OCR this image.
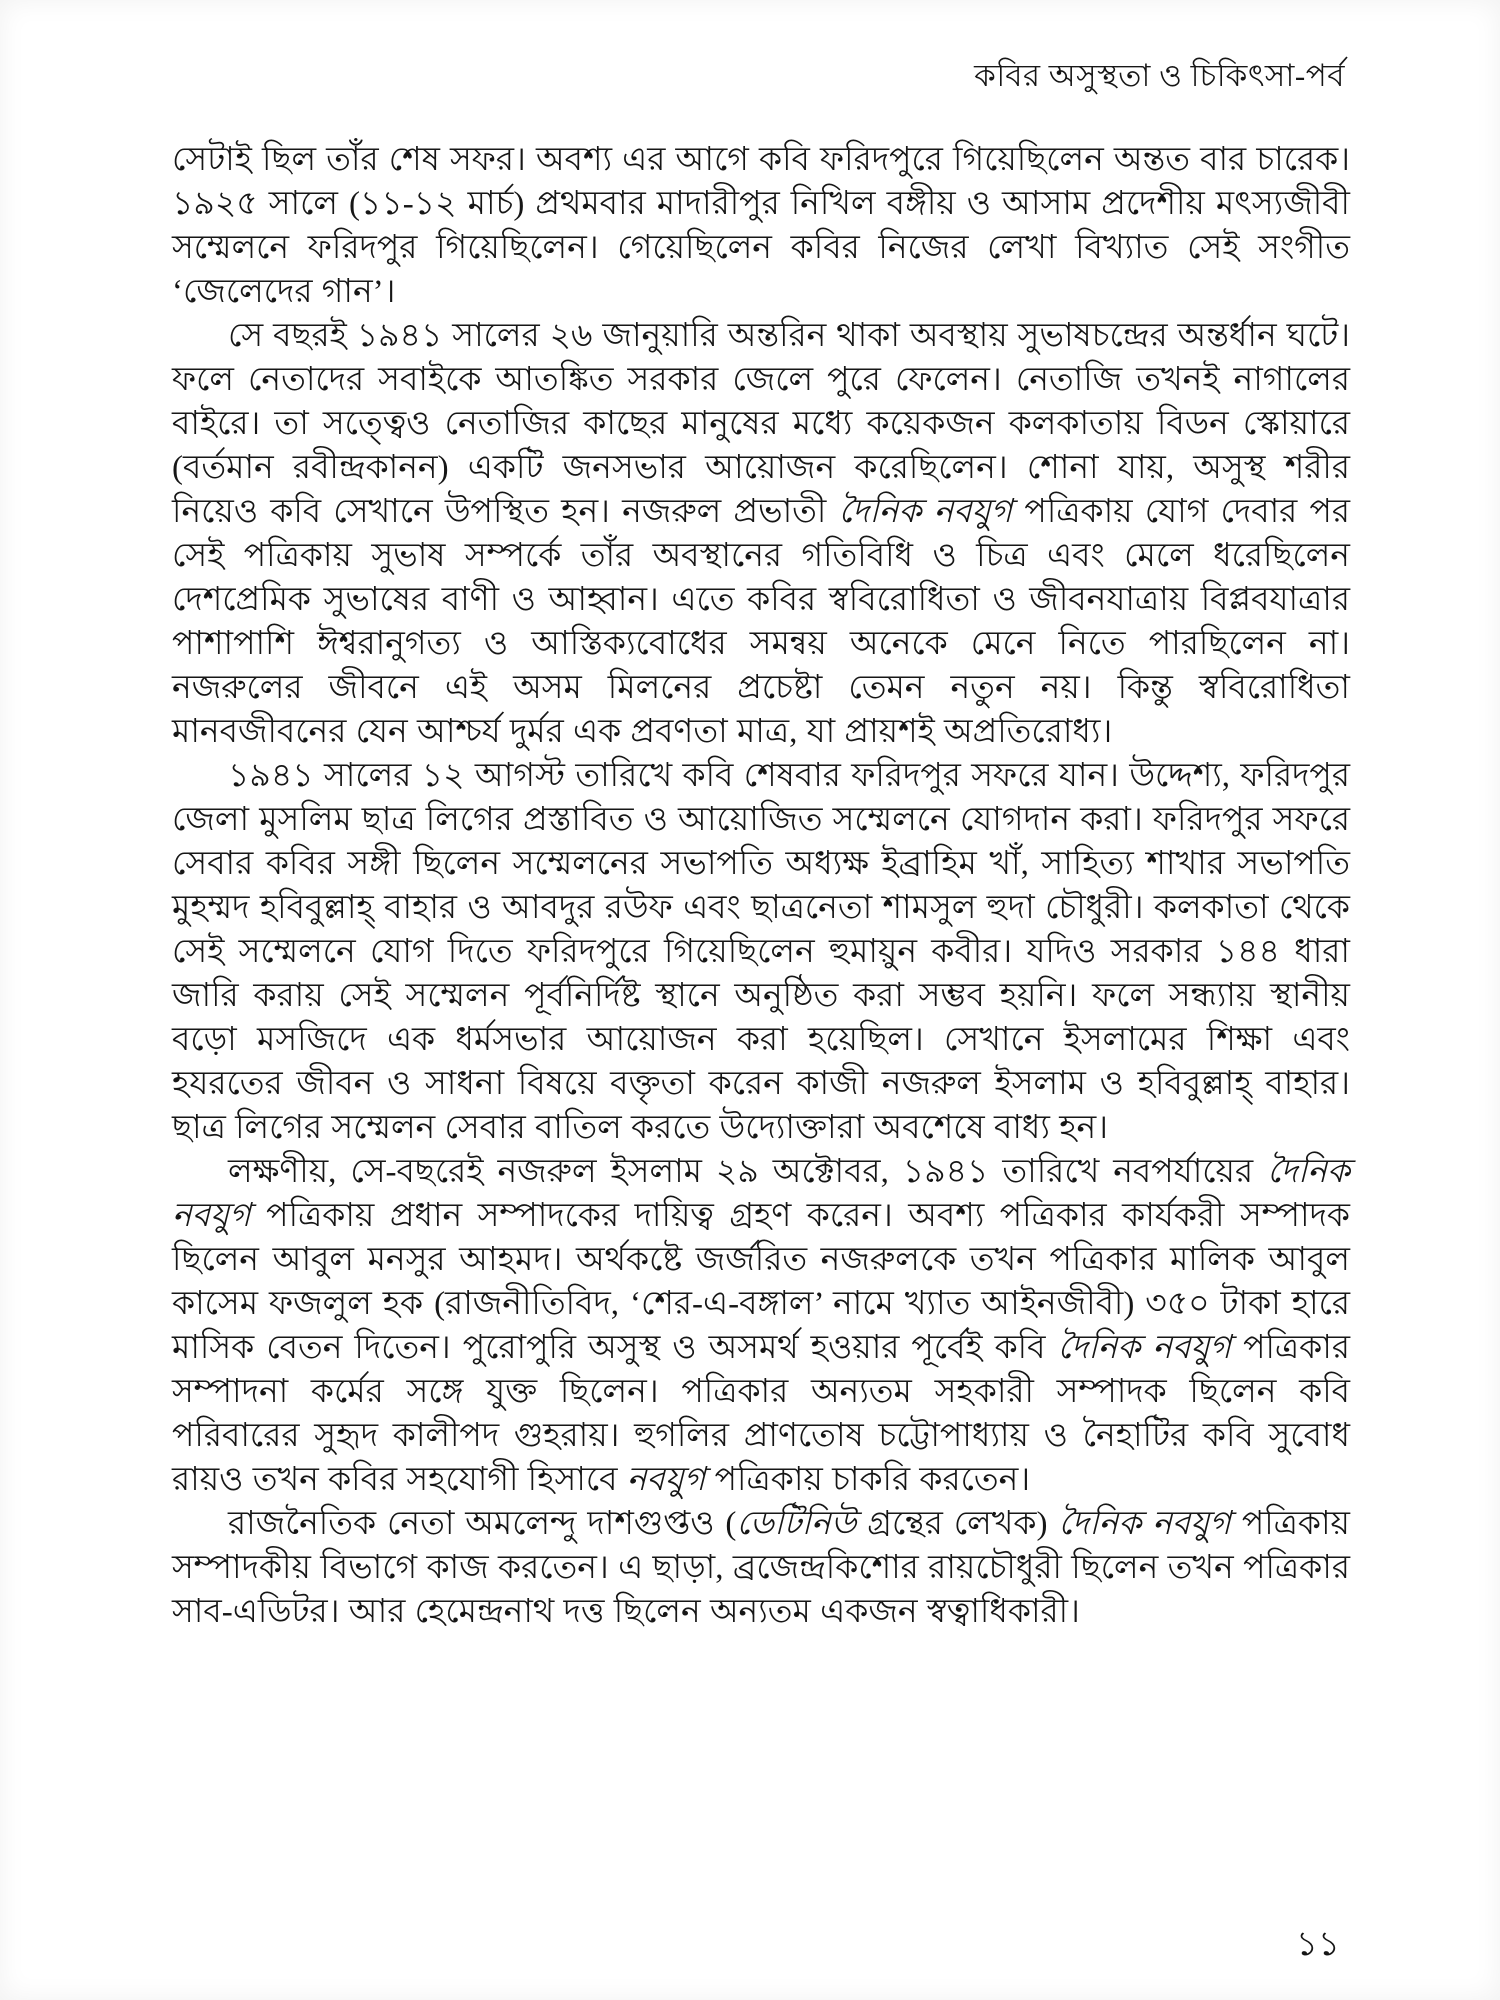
কবির অসুস্থতা ও চিকিৎসা-পর্ব

সেটাই ছিল তাঁর শেষ সফর। অবশ্য এর আগে কবি ফরিদপুরে গিয়েছিলেন অন্তত বার চারেক। ১৯২৫ সালে (১১-১২ মার্চ) প্রথমবার মাদারীপুর নিখিল বঙ্গীয় ও আসাম প্রদেশীয় মৎস্যজীবী সম্মেলনে ফরিদপুর গিয়েছিলেন। গেয়েছিলেন কবির নিজের লেখা বিখ্যাত সেই সংগীত ‘জেলেদের গান’।

সে বছরই ১৯৪১ সালের ২৬ জানুয়ারি অন্তরিন থাকা অবস্থায় সুভাষচন্দ্রের অন্তর্ধান ঘটে। ফলে নেতাদের সবাইকে আতঙ্কিত সরকার জেলে পুরে ফেলেন। নেতাজি তখনই নাগালের বাইরে। তা সত্ত্বেও নেতাজির কাছের মানুষের মধ্যে কয়েকজন কলকাতায় বিডন স্কোয়ারে (বর্তমান রবীন্দ্রকানন) একটি জনসভার আয়োজন করেছিলেন। শোনা যায়, অসুস্থ শরীর নিয়েও কবি সেখানে উপস্থিত হন। নজরুল প্রভাতী দৈনিক নবযুগ পত্রিকায় যোগ দেবার পর সেই পত্রিকায় সুভাষ সম্পর্কে তাঁর অবস্থানের গতিবিধি ও চিত্র এবং মেলে ধরেছিলেন দেশপ্রেমিক সুভাষের বাণী ও আহ্বান। এতে কবির স্ববিরোধিতা ও জীবনযাত্রায় বিপ্লবযাত্রার পাশাপাশি ঈশ্বরানুগত্য ও আস্তিক্যবোধের সমন্বয় অনেকে মেনে নিতে পারছিলেন না। নজরুলের জীবনে এই অসম মিলনের প্রচেষ্টা তেমন নতুন নয়। কিন্তু স্ববিরোধিতা মানবজীবনের যেন আশ্চর্য দুর্মর এক প্রবণতা মাত্র, যা প্রায়শই অপ্রতিরোধ্য।

১৯৪১ সালের ১২ আগস্ট তারিখে কবি শেষবার ফরিদপুর সফরে যান। উদ্দেশ্য, ফরিদপুর জেলা মুসলিম ছাত্র লিগের প্রস্তাবিত ও আয়োজিত সম্মেলনে যোগদান করা। ফরিদপুর সফরে সেবার কবির সঙ্গী ছিলেন সম্মেলনের সভাপতি অধ্যক্ষ ইব্রাহিম খাঁ, সাহিত্য শাখার সভাপতি মুহম্মদ হবিবুল্লাহ্ বাহার ও আবদুর রউফ এবং ছাত্রনেতা শামসুল হুদা চৌধুরী। কলকাতা থেকে সেই সম্মেলনে যোগ দিতে ফরিদপুরে গিয়েছিলেন হুমায়ুন কবীর। যদিও সরকার ১৪৪ ধারা জারি করায় সেই সম্মেলন পূর্বনির্দিষ্ট স্থানে অনুষ্ঠিত করা সম্ভব হয়নি। ফলে সন্ধ্যায় স্থানীয় বড়ো মসজিদে এক ধর্মসভার আয়োজন করা হয়েছিল। সেখানে ইসলামের শিক্ষা এবং হযরতের জীবন ও সাধনা বিষয়ে বক্তৃতা করেন কাজী নজরুল ইসলাম ও হবিবুল্লাহ্ বাহার। ছাত্র লিগের সম্মেলন সেবার বাতিল করতে উদ্যোক্তারা অবশেষে বাধ্য হন।

লক্ষণীয়, সে-বছরেই নজরুল ইসলাম ২৯ অক্টোবর, ১৯৪১ তারিখে নবপর্যায়ের দৈনিক নবযুগ পত্রিকায় প্রধান সম্পাদকের দায়িত্ব গ্রহণ করেন। অবশ্য পত্রিকার কার্যকরী সম্পাদক ছিলেন আবুল মনসুর আহমদ। অর্থকষ্টে জর্জরিত নজরুলকে তখন পত্রিকার মালিক আবুল কাসেম ফজলুল হক (রাজনীতিবিদ, ‘শের-এ-বঙ্গাল’ নামে খ্যাত আইনজীবী) ৩৫০ টাকা হারে মাসিক বেতন দিতেন। পুরোপুরি অসুস্থ ও অসমর্থ হওয়ার পূর্বেই কবি দৈনিক নবযুগ পত্রিকার সম্পাদনা কর্মের সঙ্গে যুক্ত ছিলেন। পত্রিকার অন্যতম সহকারী সম্পাদক ছিলেন কবি পরিবারের সুহৃদ কালীপদ গুহরায়। হুগলির প্রাণতোষ চট্টোপাধ্যায় ও নৈহাটির কবি সুবোধ রায়ও তখন কবির সহযোগী হিসাবে নবযুগ পত্রিকায় চাকরি করতেন।

রাজনৈতিক নেতা অমলেন্দু দাশগুপ্তও (ডেটিনিউ গ্রন্থের লেখক) দৈনিক নবযুগ পত্রিকায় সম্পাদকীয় বিভাগে কাজ করতেন। এ ছাড়া, ব্রজেন্দ্রকিশোর রায়চৌধুরী ছিলেন তখন পত্রিকার সাব-এডিটর। আর হেমেন্দ্রনাথ দত্ত ছিলেন অন্যতম একজন স্বত্বাধিকারী।

১১
